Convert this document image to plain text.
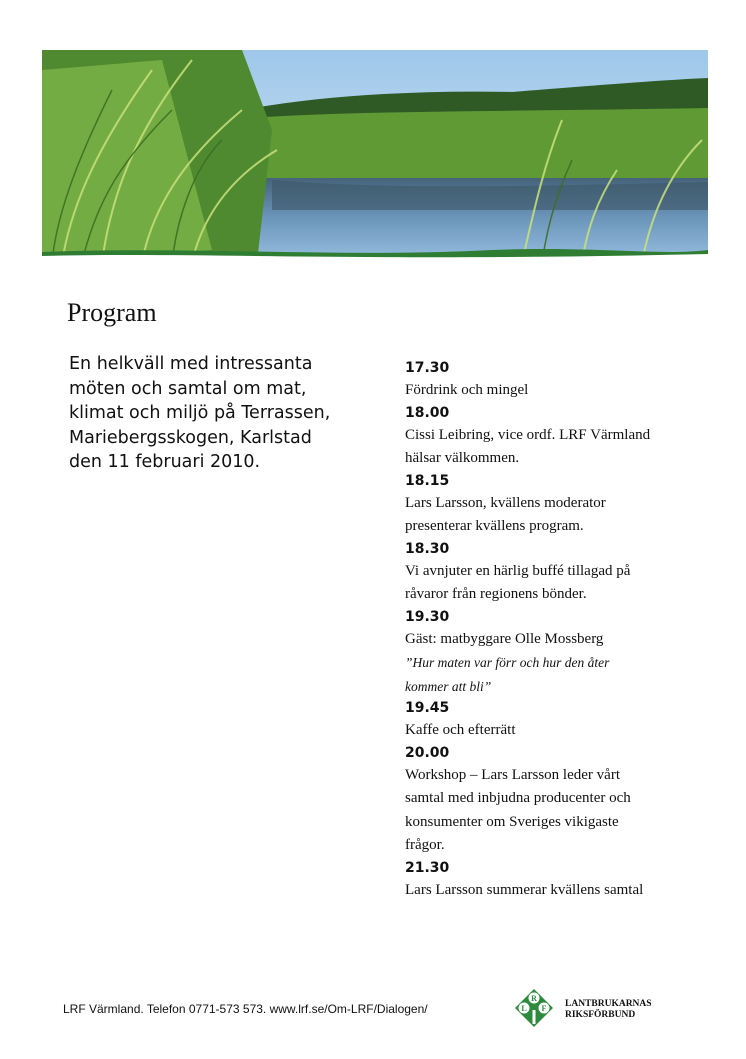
Program
En helkväll med intressanta
möten och samtal om mat,
klimat och miljö på Terrassen,
Mariebergsskogen, Karlstad
den 11 februari 2010.
17.30
Fördrink och mingel
18.00
Cissi Leibring, vice ordf. LRF Värmland
hälsar välkommen.
18.15
Lars Larsson, kvällens moderator
presenterar kvällens program.
18.30
Vi avnjuter en härlig buffé tillagad på
råvaror från regionens bönder.
19.30
Gäst: matbyggare Olle Mossberg
”Hur maten var förr och hur den åter
kommer att bli”
19.45
Kaffe och efterrätt
20.00
Workshop – Lars Larsson leder vårt
samtal med inbjudna producenter och
konsumenter om Sveriges vikigaste
frågor.
21.30
Lars Larsson summerar kvällens samtal
LRF Värmland. Telefon 0771-573 573. www.lrf.se/Om-LRF/Dialogen/
R
L F LANTBRUKARNAS
RIKSFÖRBUND
